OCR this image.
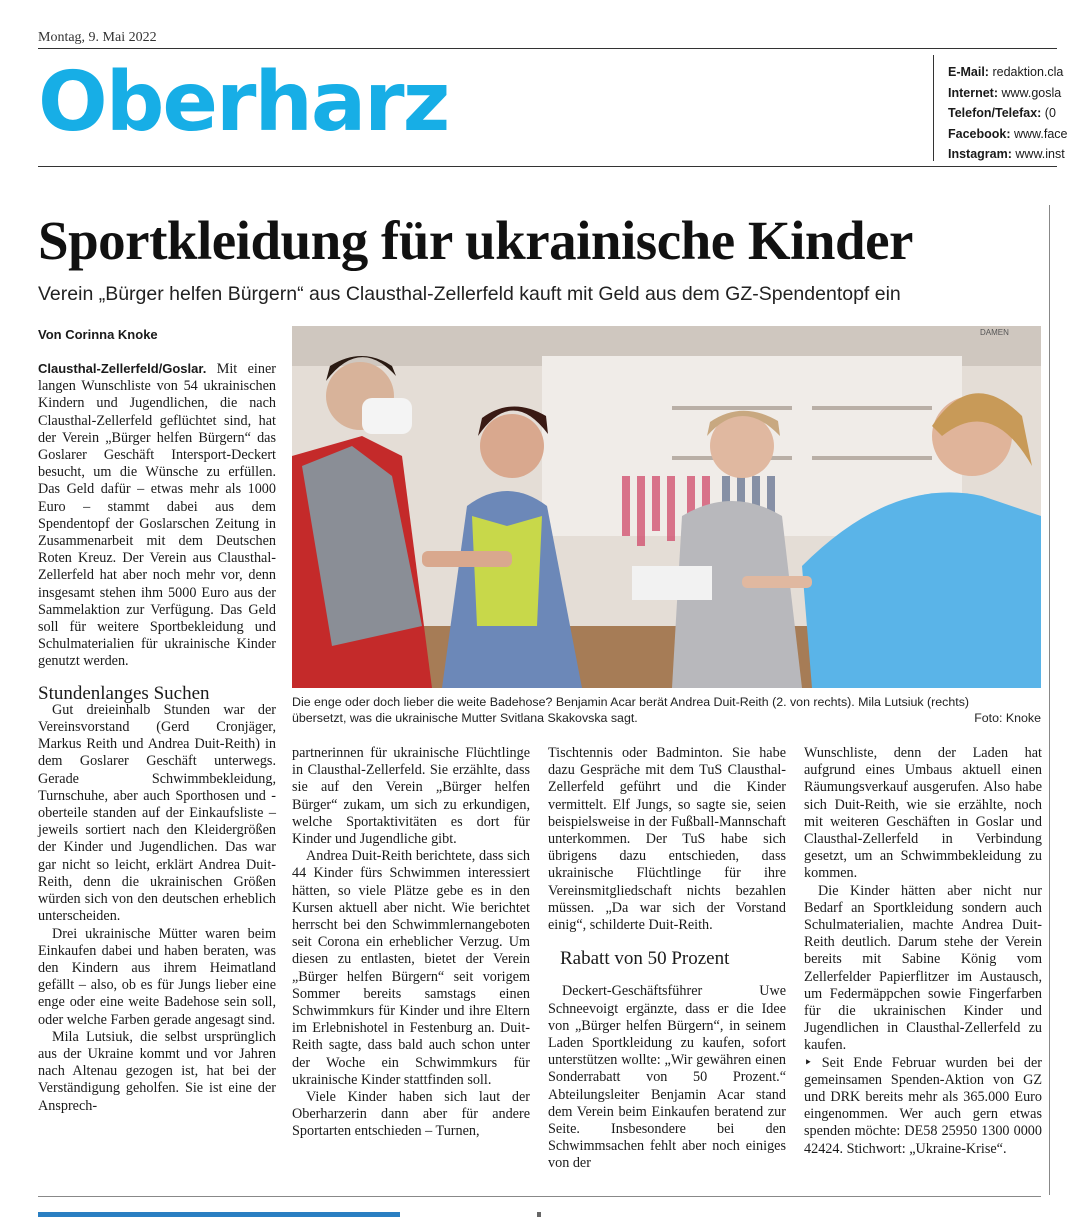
Montag, 9. Mai 2022
Oberharz	E-Mail: redaktion.cla
Internet: www.gosla
Telefon/Telefax: (0
Facebook: www.face
Instagram: www.inst
Sportkleidung für ukrainische Kinder
Verein „Bürger helfen Bürgern“ aus Clausthal-Zellerfeld kauft mit Geld aus dem GZ-Spendentopf ein
Von Corinna Knoke

Clausthal-Zellerfeld/Goslar. Mit einer langen Wunschliste von 54 ukrainischen Kindern und Jugendlichen, die nach Clausthal-Zellerfeld geflüchtet sind, hat der Verein „Bürger helfen Bürgern“ das Goslarer Geschäft Intersport-Deckert besucht, um die Wünsche zu erfüllen. Das Geld dafür – etwas mehr als 1000 Euro – stammt dabei aus dem Spendentopf der Goslarschen Zeitung in Zusammenarbeit mit dem Deutschen Roten Kreuz. Der Verein aus Clausthal-Zellerfeld hat aber noch mehr vor, denn insgesamt stehen ihm 5000 Euro aus der Sammelaktion zur Verfügung. Das Geld soll für weitere Sportbekleidung und Schulmaterialien für ukrainische Kinder genutzt werden.

Stundenlanges Suchen

Gut dreieinhalb Stunden war der Vereinsvorstand (Gerd Cronjäger, Markus Reith und Andrea Duit-Reith) in dem Goslarer Geschäft unterwegs. Gerade Schwimmbekleidung, Turnschuhe, aber auch Sporthosen und -oberteile standen auf der Einkaufsliste – jeweils sortiert nach den Kleidergrößen der Kinder und Jugendlichen. Das war gar nicht so leicht, erklärt Andrea Duit-Reith, denn die ukrainischen Größen würden sich von den deutschen erheblich unterscheiden.

Drei ukrainische Mütter waren beim Einkaufen dabei und haben beraten, was den Kindern aus ihrem Heimatland gefällt – also, ob es für Jungs lieber eine enge oder eine weite Badehose sein soll, oder welche Farben gerade angesagt sind.

Mila Lutsiuk, die selbst ursprünglich aus der Ukraine kommt und vor Jahren nach Altenau gezogen ist, hat bei der Verständigung geholfen. Sie ist eine der Ansprech-

DAMEN
Die enge oder doch lieber die weite Badehose? Benjamin Acar berät Andrea Duit-Reith (2. von rechts). Mila Lutsiuk (rechts) übersetzt, was die ukrainische Mutter Svitlana Skakovska sagt.	Foto: Knoke

partnerinnen für ukrainische Flüchtlinge in Clausthal-Zellerfeld. Sie erzählte, dass sie auf den Verein „Bürger helfen Bürger“ zukam, um sich zu erkundigen, welche Sportaktivitäten es dort für Kinder und Jugendliche gibt.

Andrea Duit-Reith berichtete, dass sich 44 Kinder fürs Schwimmen interessiert hätten, so viele Plätze gebe es in den Kursen aktuell aber nicht. Wie berichtet herrscht bei den Schwimmlernangeboten seit Corona ein erheblicher Verzug. Um diesen zu entlasten, bietet der Verein „Bürger helfen Bürgern“ seit vorigem Sommer bereits samstags einen Schwimmkurs für Kinder und ihre Eltern im Erlebnishotel in Festenburg an. Duit-Reith sagte, dass bald auch schon unter der Woche ein Schwimmkurs für ukrainische Kinder stattfinden soll.

Viele Kinder haben sich laut der Oberharzerin dann aber für andere Sportarten entschieden – Turnen,

Tischtennis oder Badminton. Sie habe dazu Gespräche mit dem TuS Clausthal-Zellerfeld geführt und die Kinder vermittelt. Elf Jungs, so sagte sie, seien beispielsweise in der Fußball-Mannschaft unterkommen. Der TuS habe sich übrigens dazu entschieden, dass ukrainische Flüchtlinge für ihre Vereinsmitgliedschaft nichts bezahlen müssen. „Da war sich der Vorstand einig“, schilderte Duit-Reith.

Rabatt von 50 Prozent

Deckert-Geschäftsführer Uwe Schneevoigt ergänzte, dass er die Idee von „Bürger helfen Bürgern“, in seinem Laden Sportkleidung zu kaufen, sofort unterstützen wollte: „Wir gewähren einen Sonderrabatt von 50 Prozent.“ Abteilungsleiter Benjamin Acar stand dem Verein beim Einkaufen beratend zur Seite. Insbesondere bei den Schwimmsachen fehlt aber noch einiges von der

Wunschliste, denn der Laden hat aufgrund eines Umbaus aktuell einen Räumungsverkauf ausgerufen. Also habe sich Duit-Reith, wie sie erzählte, noch mit weiteren Geschäften in Goslar und Clausthal-Zellerfeld in Verbindung gesetzt, um an Schwimmbekleidung zu kommen.

Die Kinder hätten aber nicht nur Bedarf an Sportkleidung sondern auch Schulmaterialien, machte Andrea Duit-Reith deutlich. Darum stehe der Verein bereits mit Sabine König vom Zellerfelder Papierflitzer im Austausch, um Federmäppchen sowie Fingerfarben für die ukrainischen Kinder und Jugendlichen in Clausthal-Zellerfeld zu kaufen.

‣ Seit Ende Februar wurden bei der gemeinsamen Spenden-Aktion von GZ und DRK bereits mehr als 365.000 Euro eingenommen. Wer auch gern etwas spenden möchte: DE58 25950 1300 0000 42424. Stichwort: „Ukraine-Krise“.
